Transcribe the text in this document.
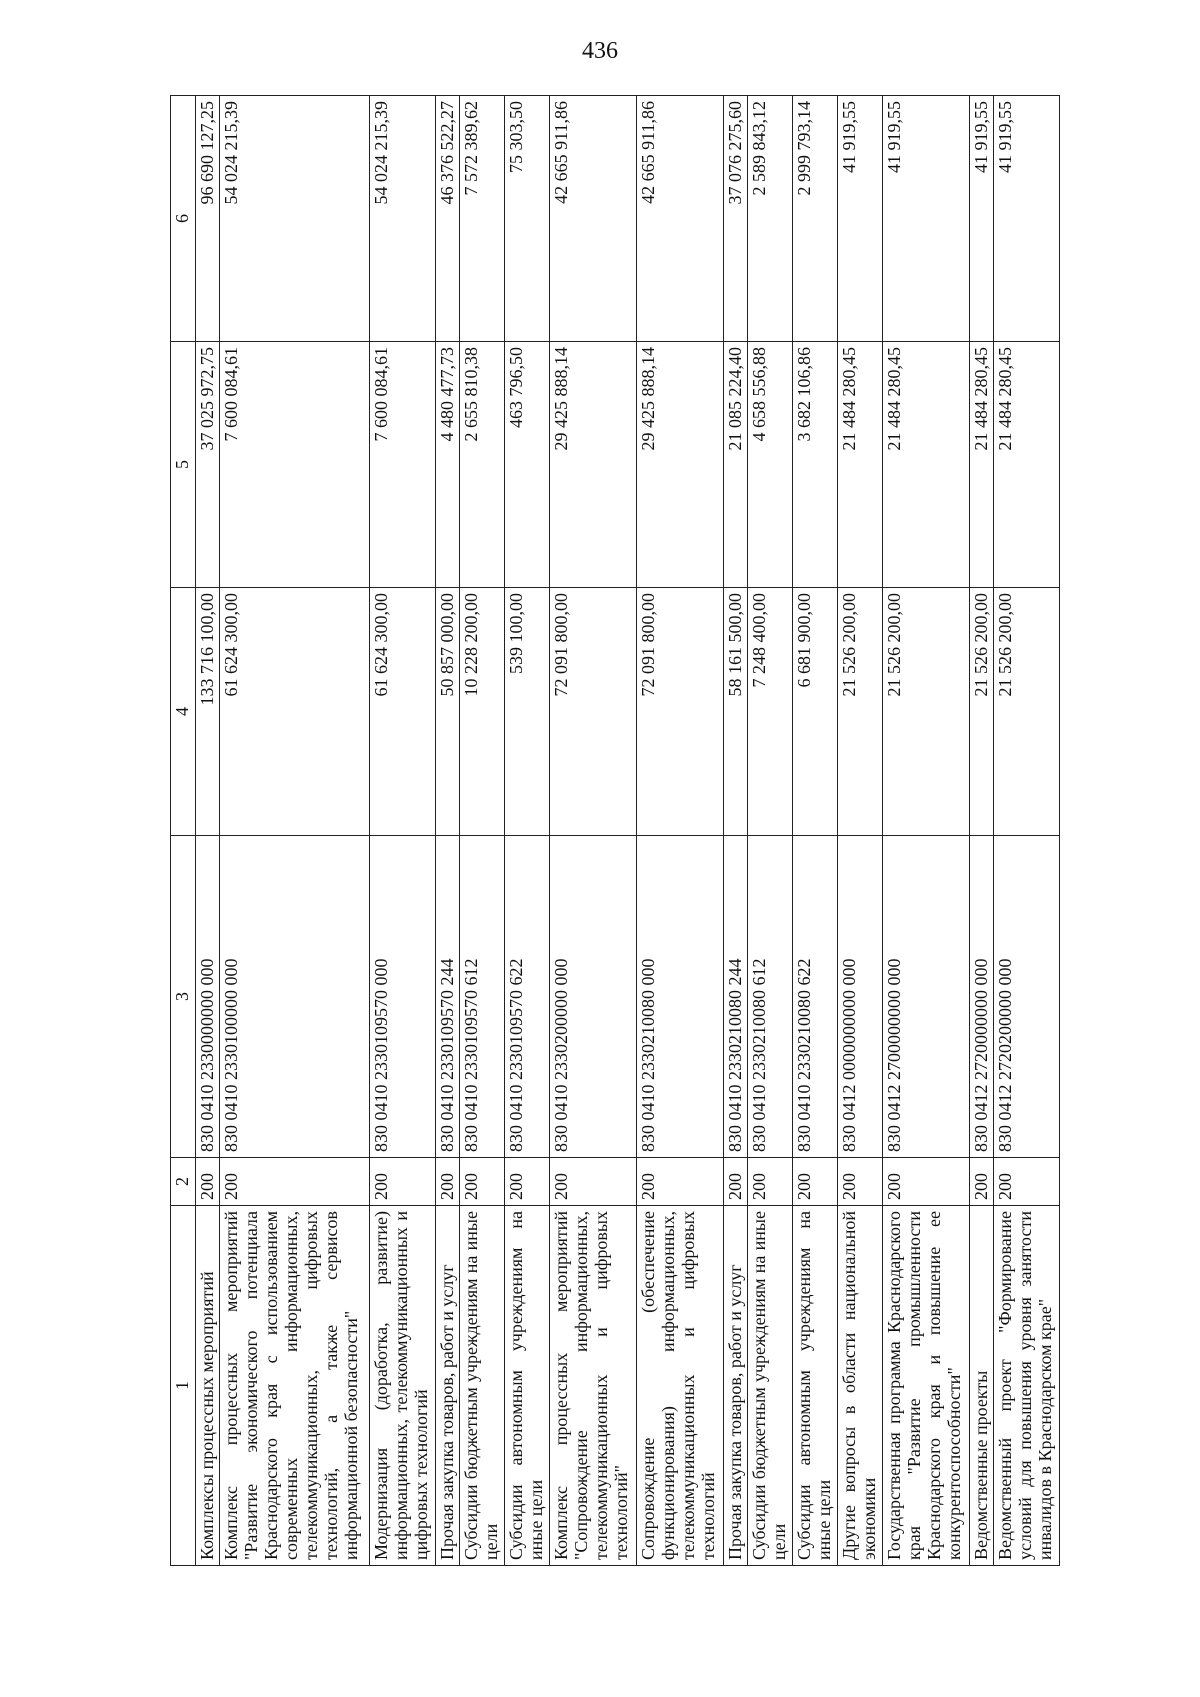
436
1	2	3	4	5	6
Комплексы процессных мероприятий	200	830 0410 2330000000 000	133 716 100,00	37 025 972,75	96 690 127,25
Комплекс процессных мероприятий "Развитие экономического потенциала Краснодарского края с использованием современных информационных, телекоммуникационных, цифровых технологий, а также сервисов информационной безопасности"	200	830 0410 2330100000 000	61 624 300,00	7 600 084,61	54 024 215,39
Модернизация (доработка, развитие) информационных, телекоммуникационных и цифровых технологий	200	830 0410 2330109570 000	61 624 300,00	7 600 084,61	54 024 215,39
Прочая закупка товаров, работ и услуг	200	830 0410 2330109570 244	50 857 000,00	4 480 477,73	46 376 522,27
Субсидии бюджетным учреждениям на иные цели	200	830 0410 2330109570 612	10 228 200,00	2 655 810,38	7 572 389,62
Субсидии автономным учреждениям на иные цели	200	830 0410 2330109570 622	539 100,00	463 796,50	75 303,50
Комплекс процессных мероприятий "Сопровождение информационных, телекоммуникационных и цифровых технологий"	200	830 0410 2330200000 000	72 091 800,00	29 425 888,14	42 665 911,86
Сопровождение (обеспечение функционирования) информационных, телекоммуникационных и цифровых технологий	200	830 0410 2330210080 000	72 091 800,00	29 425 888,14	42 665 911,86
Прочая закупка товаров, работ и услуг	200	830 0410 2330210080 244	58 161 500,00	21 085 224,40	37 076 275,60
Субсидии бюджетным учреждениям на иные цели	200	830 0410 2330210080 612	7 248 400,00	4 658 556,88	2 589 843,12
Субсидии автономным учреждениям на иные цели	200	830 0410 2330210080 622	6 681 900,00	3 682 106,86	2 999 793,14
Другие вопросы в области национальной экономики	200	830 0412 0000000000 000	21 526 200,00	21 484 280,45	41 919,55
Государственная программа Краснодарского края "Развитие промышленности Краснодарского края и повышение ее конкурентоспособности"	200	830 0412 2700000000 000	21 526 200,00	21 484 280,45	41 919,55
Ведомственные проекты	200	830 0412 2720000000 000	21 526 200,00	21 484 280,45	41 919,55
Ведомственный проект "Формирование условий для повышения уровня занятости инвалидов в Краснодарском крае"	200	830 0412 2720200000 000	21 526 200,00	21 484 280,45	41 919,55
